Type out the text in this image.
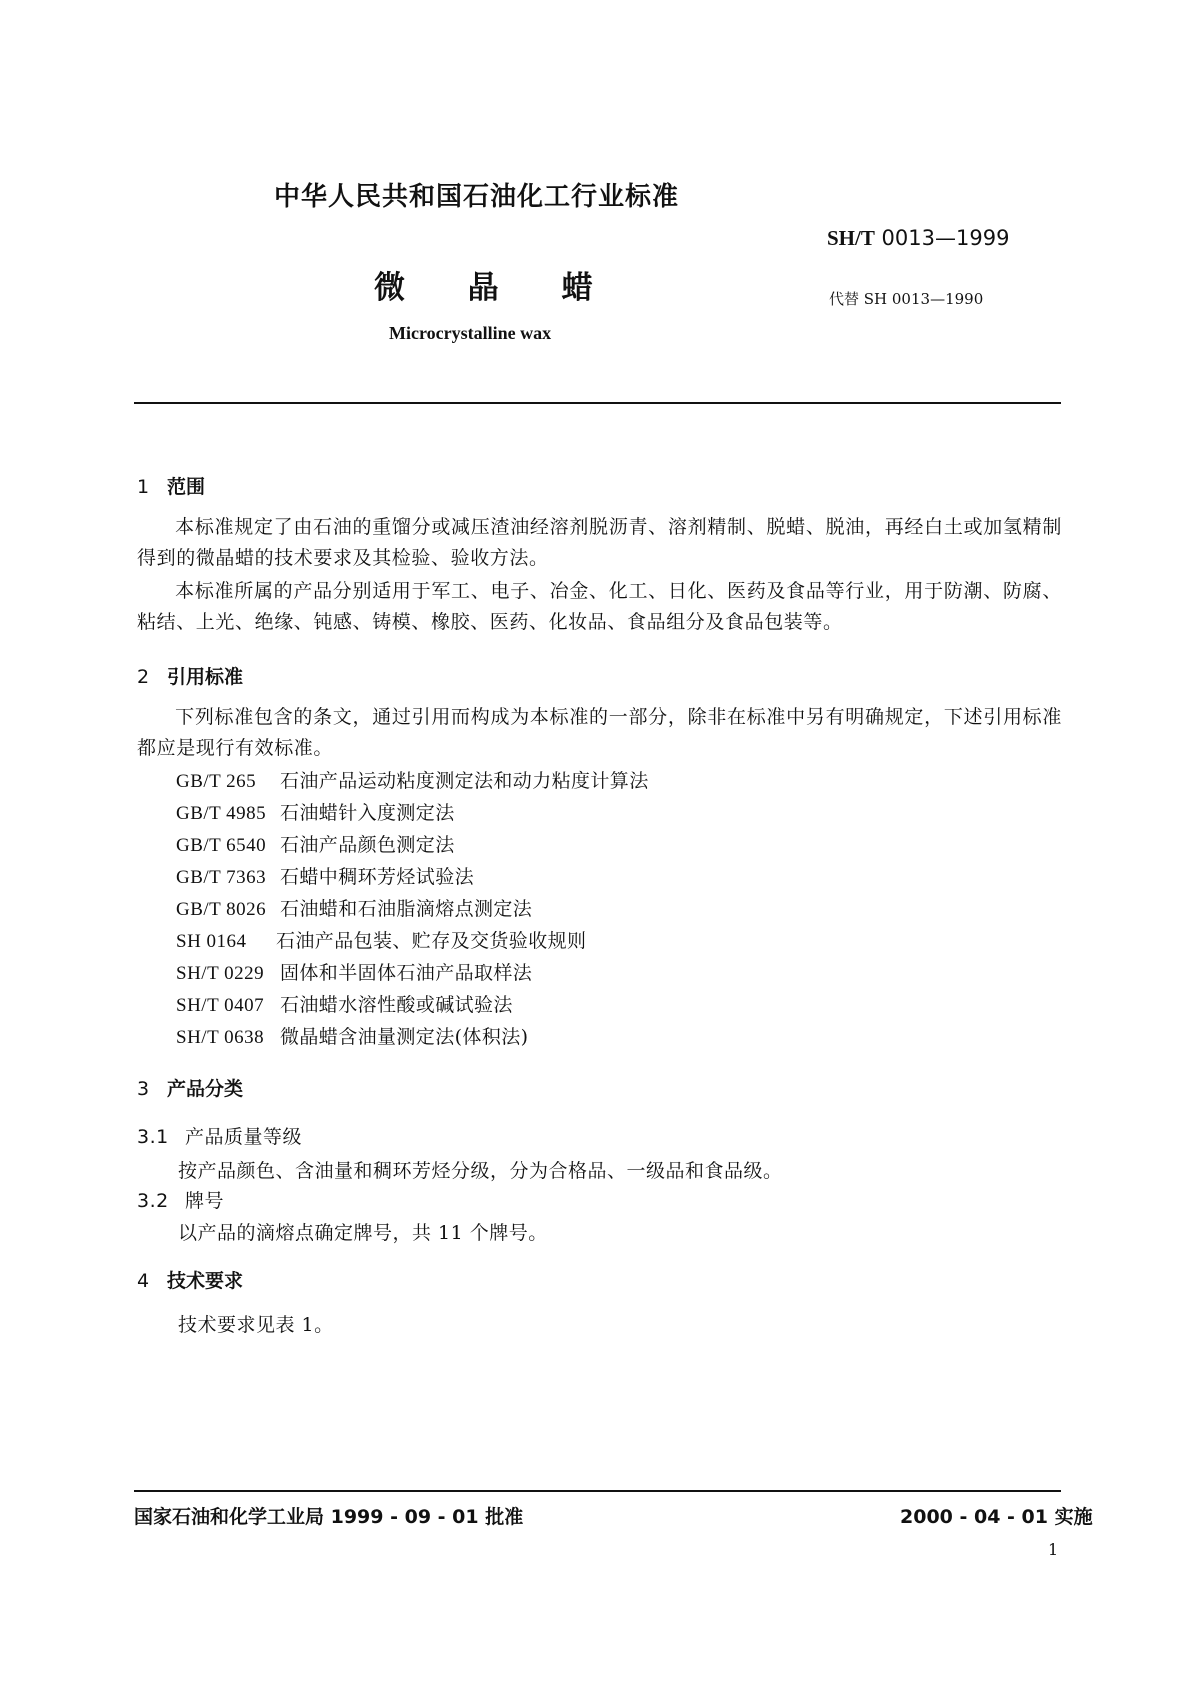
中华人民共和国石油化工行业标准
SH/T 0013—1999
微 晶 蜡	代替 SH 0013—1990
Microcrystalline wax
1 范围
本标准规定了由石油的重馏分或减压渣油经溶剂脱沥青、溶剂精制、脱蜡、脱油，再经白土或加氢精制得到的微晶蜡的技术要求及其检验、验收方法。
本标准所属的产品分别适用于军工、电子、冶金、化工、日化、医药及食品等行业，用于防潮、防腐、粘结、上光、绝缘、钝感、铸模、橡胶、医药、化妆品、食品组分及食品包装等。
2 引用标准
下列标准包含的条文，通过引用而构成为本标准的一部分，除非在标准中另有明确规定，下述引用标准都应是现行有效标准。
GB/T 265 石油产品运动粘度测定法和动力粘度计算法
GB/T 4985 石油蜡针入度测定法
GB/T 6540 石油产品颜色测定法
GB/T 7363 石蜡中稠环芳烃试验法
GB/T 8026 石油蜡和石油脂滴熔点测定法
SH 0164 石油产品包装、贮存及交货验收规则
SH/T 0229 固体和半固体石油产品取样法
SH/T 0407 石油蜡水溶性酸或碱试验法
SH/T 0638 微晶蜡含油量测定法(体积法)
3 产品分类
3.1 产品质量等级
按产品颜色、含油量和稠环芳烃分级，分为合格品、一级品和食品级。
3.2 牌号
以产品的滴熔点确定牌号，共 11 个牌号。
4 技术要求
技术要求见表 1。
国家石油和化学工业局 1999 - 09 - 01 批准	2000 - 04 - 01 实施
1
